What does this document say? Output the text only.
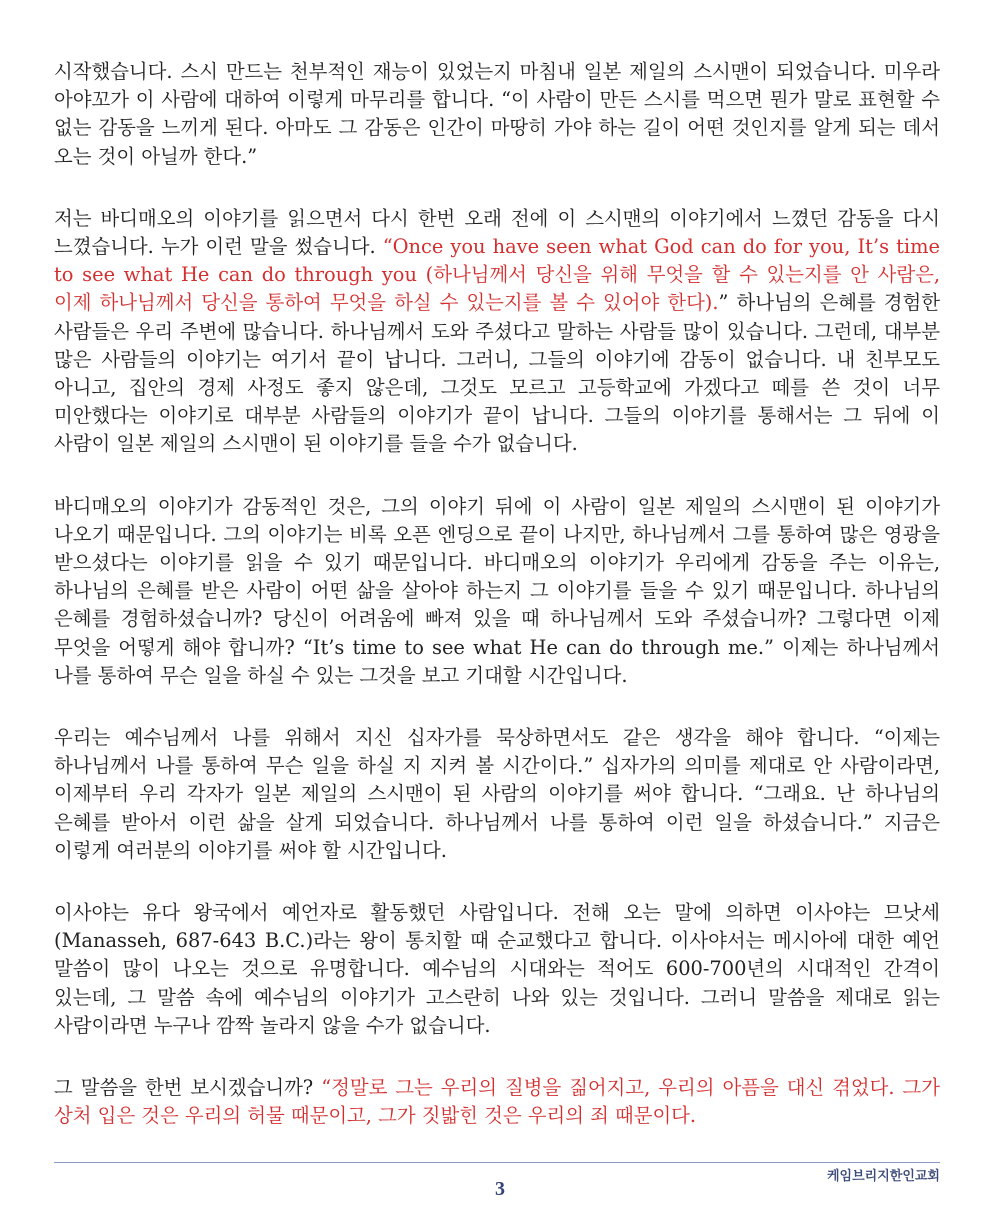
시작했습니다. 스시 만드는 천부적인 재능이 있었는지 마침내 일본 제일의 스시맨이 되었습니다. 미우라 아야꼬가 이 사람에 대하여 이렇게 마무리를 합니다. “이 사람이 만든 스시를 먹으면 뭔가 말로 표현할 수 없는 감동을 느끼게 된다. 아마도 그 감동은 인간이 마땅히 가야 하는 길이 어떤 것인지를 알게 되는 데서 오는 것이 아닐까 한다.”

저는 바디매오의 이야기를 읽으면서 다시 한번 오래 전에 이 스시맨의 이야기에서 느꼈던 감동을 다시 느꼈습니다. 누가 이런 말을 썼습니다. “Once you have seen what God can do for you, It’s time to see what He can do through you (하나님께서 당신을 위해 무엇을 할 수 있는지를 안 사람은, 이제 하나님께서 당신을 통하여 무엇을 하실 수 있는지를 볼 수 있어야 한다).” 하나님의 은혜를 경험한 사람들은 우리 주변에 많습니다. 하나님께서 도와 주셨다고 말하는 사람들 많이 있습니다. 그런데, 대부분 많은 사람들의 이야기는 여기서 끝이 납니다. 그러니, 그들의 이야기에 감동이 없습니다. 내 친부모도 아니고, 집안의 경제 사정도 좋지 않은데, 그것도 모르고 고등학교에 가겠다고 떼를 쓴 것이 너무 미안했다는 이야기로 대부분 사람들의 이야기가 끝이 납니다. 그들의 이야기를 통해서는 그 뒤에 이 사람이 일본 제일의 스시맨이 된 이야기를 들을 수가 없습니다.

바디매오의 이야기가 감동적인 것은, 그의 이야기 뒤에 이 사람이 일본 제일의 스시맨이 된 이야기가 나오기 때문입니다. 그의 이야기는 비록 오픈 엔딩으로 끝이 나지만, 하나님께서 그를 통하여 많은 영광을 받으셨다는 이야기를 읽을 수 있기 때문입니다. 바디매오의 이야기가 우리에게 감동을 주는 이유는, 하나님의 은혜를 받은 사람이 어떤 삶을 살아야 하는지 그 이야기를 들을 수 있기 때문입니다. 하나님의 은혜를 경험하셨습니까? 당신이 어려움에 빠져 있을 때 하나님께서 도와 주셨습니까? 그렇다면 이제 무엇을 어떻게 해야 합니까? “It’s time to see what He can do through me.” 이제는 하나님께서 나를 통하여 무슨 일을 하실 수 있는 그것을 보고 기대할 시간입니다.

우리는 예수님께서 나를 위해서 지신 십자가를 묵상하면서도 같은 생각을 해야 합니다. “이제는 하나님께서 나를 통하여 무슨 일을 하실 지 지켜 볼 시간이다.” 십자가의 의미를 제대로 안 사람이라면, 이제부터 우리 각자가 일본 제일의 스시맨이 된 사람의 이야기를 써야 합니다. “그래요. 난 하나님의 은혜를 받아서 이런 삶을 살게 되었습니다. 하나님께서 나를 통하여 이런 일을 하셨습니다.” 지금은 이렇게 여러분의 이야기를 써야 할 시간입니다.

이사야는 유다 왕국에서 예언자로 활동했던 사람입니다. 전해 오는 말에 의하면 이사야는 므낫세 (Manasseh, 687-643 B.C.)라는 왕이 통치할 때 순교했다고 합니다. 이사야서는 메시아에 대한 예언 말씀이 많이 나오는 것으로 유명합니다. 예수님의 시대와는 적어도 600-700년의 시대적인 간격이 있는데, 그 말씀 속에 예수님의 이야기가 고스란히 나와 있는 것입니다. 그러니 말씀을 제대로 읽는 사람이라면 누구나 깜짝 놀라지 않을 수가 없습니다.

그 말씀을 한번 보시겠습니까? “정말로 그는 우리의 질병을 짊어지고, 우리의 아픔을 대신 겪었다. 그가 상처 입은 것은 우리의 허물 때문이고, 그가 짓밟힌 것은 우리의 죄 때문이다.

케임브리지한인교회
3
